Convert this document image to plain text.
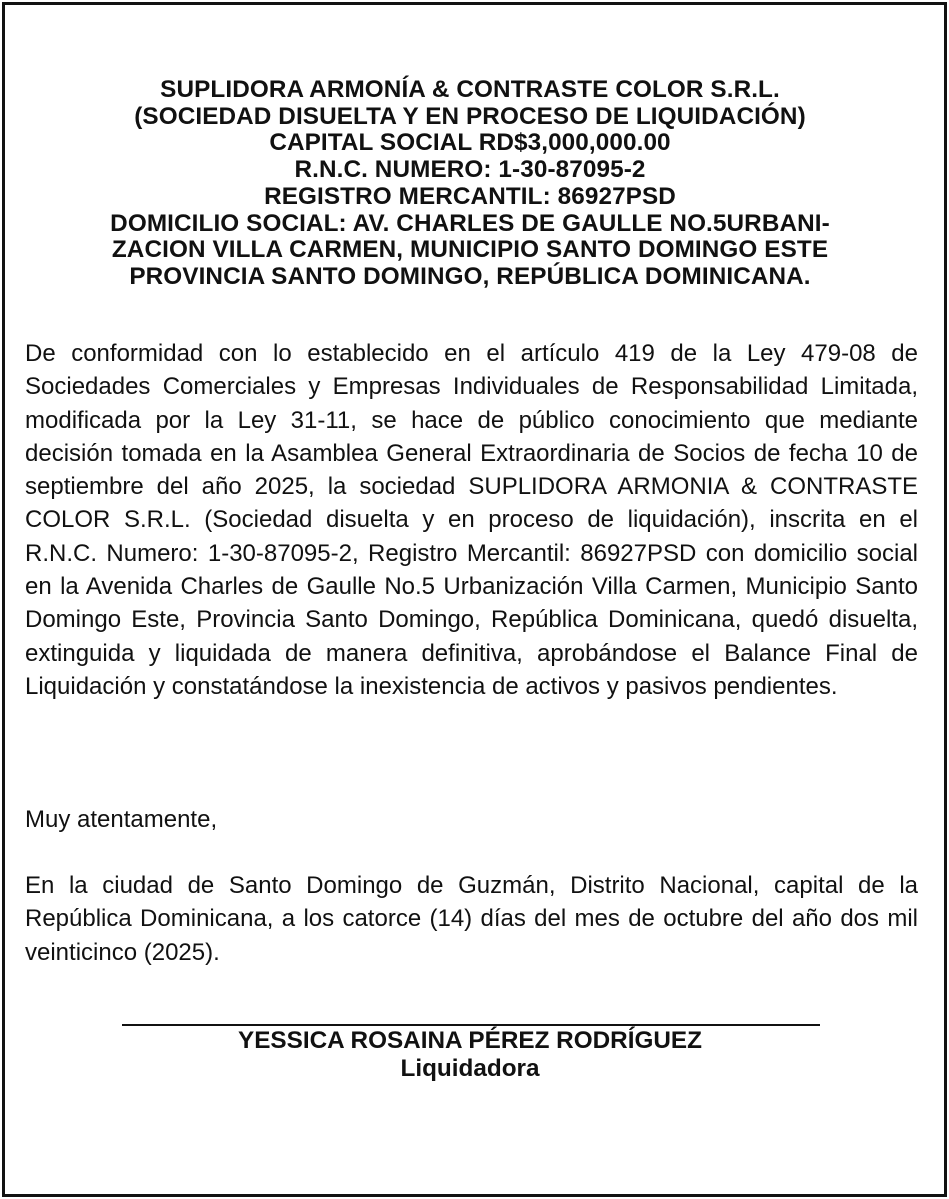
SUPLIDORA ARMONÍA & CONTRASTE COLOR S.R.L.
(SOCIEDAD DISUELTA Y EN PROCESO DE LIQUIDACIÓN)
CAPITAL SOCIAL RD$3,000,000.00
R.N.C. NUMERO: 1-30-87095-2
REGISTRO MERCANTIL: 86927PSD
DOMICILIO SOCIAL: AV. CHARLES DE GAULLE NO.5URBANI-
ZACION VILLA CARMEN, MUNICIPIO SANTO DOMINGO ESTE
PROVINCIA SANTO DOMINGO, REPÚBLICA DOMINICANA.
De conformidad con lo establecido en el artículo 419 de la Ley 479-08 de Sociedades Comerciales y Empresas Individuales de Responsabilidad Limitada, modificada por la Ley 31-11, se hace de público conocimiento que mediante decisión tomada en la Asamblea General Extraordinaria de Socios de fecha 10 de septiembre del año 2025, la sociedad SUPLIDORA ARMONIA & CONTRASTE COLOR S.R.L. (Sociedad disuelta y en proceso de liquidación), inscrita en el R.N.C. Numero: 1-30-87095-2, Registro Mercantil: 86927PSD con domicilio social en la Avenida Charles de Gaulle No.5 Urbanización Villa Carmen, Municipio Santo Domingo Este, Provincia Santo Domingo, República Dominicana, quedó disuelta, extinguida y liquidada de manera definitiva, aprobándose el Balance Final de Liquidación y constatándose la inexistencia de activos y pasivos pendientes.
Muy atentamente,
En la ciudad de Santo Domingo de Guzmán, Distrito Nacional, capital de la República Dominicana, a los catorce (14) días del mes de octubre del año dos mil veinticinco (2025).
YESSICA ROSAINA PÉREZ RODRÍGUEZ
Liquidadora
